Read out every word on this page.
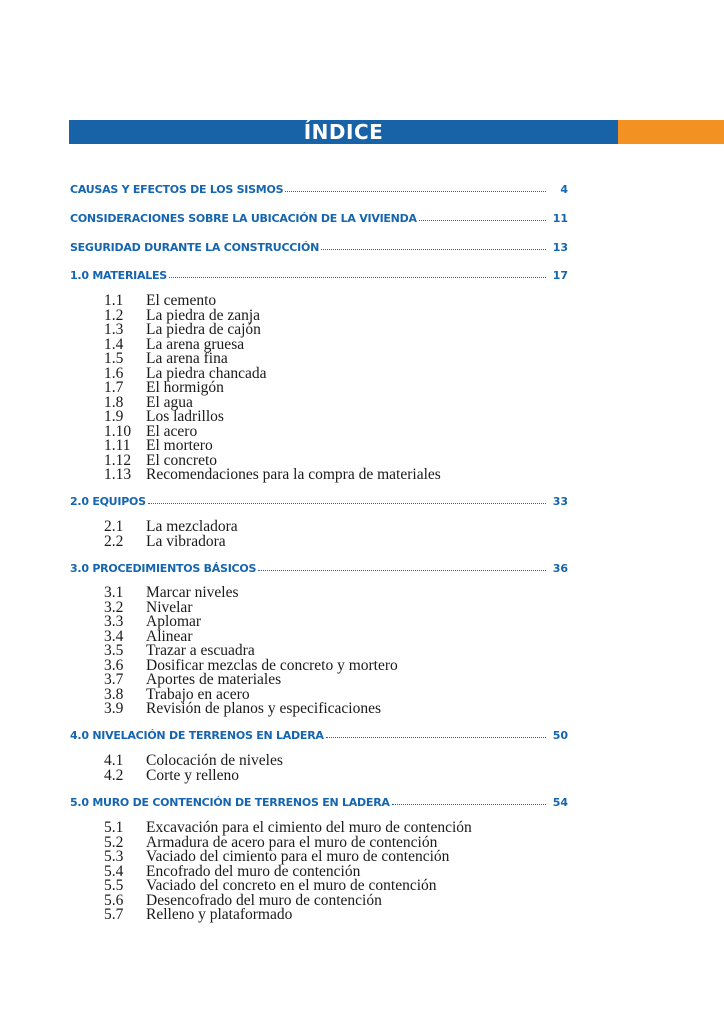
ÍNDICE
CAUSAS Y EFECTOS DE LOS SISMOS	4
CONSIDERACIONES SOBRE LA UBICACIÓN DE LA VIVIENDA	11
SEGURIDAD DURANTE LA CONSTRUCCIÓN	13
1.0 MATERIALES	17
1.1	El cemento
1.2	La piedra de zanja
1.3	La piedra de cajón
1.4	La arena gruesa
1.5	La arena fina
1.6	La piedra chancada
1.7	El hormigón
1.8	El agua
1.9	Los ladrillos
1.10 El acero
1.11 El mortero
1.12 El concreto
1.13 Recomendaciones para la compra de materiales
2.0 EQUIPOS	33
2.1	La mezcladora
2.2	La vibradora
3.0 PROCEDIMIENTOS BÁSICOS	36
3.1	Marcar niveles
3.2	Nivelar
3.3	Aplomar
3.4	Alinear
3.5	Trazar a escuadra
3.6	Dosificar mezclas de concreto y mortero
3.7	Aportes de materiales
3.8	Trabajo en acero
3.9	Revisión de planos y especificaciones
4.0 NIVELACIÓN DE TERRENOS EN LADERA	50
4.1	Colocación de niveles
4.2	Corte y relleno
5.0 MURO DE CONTENCIÓN DE TERRENOS EN LADERA	54
5.1	Excavación para el cimiento del muro de contención
5.2	Armadura de acero para el muro de contención
5.3	Vaciado del cimiento para el muro de contención
5.4	Encofrado del muro de contención
5.5	Vaciado del concreto en el muro de contención
5.6	Desencofrado del muro de contención
5.7	Relleno y plataformado
